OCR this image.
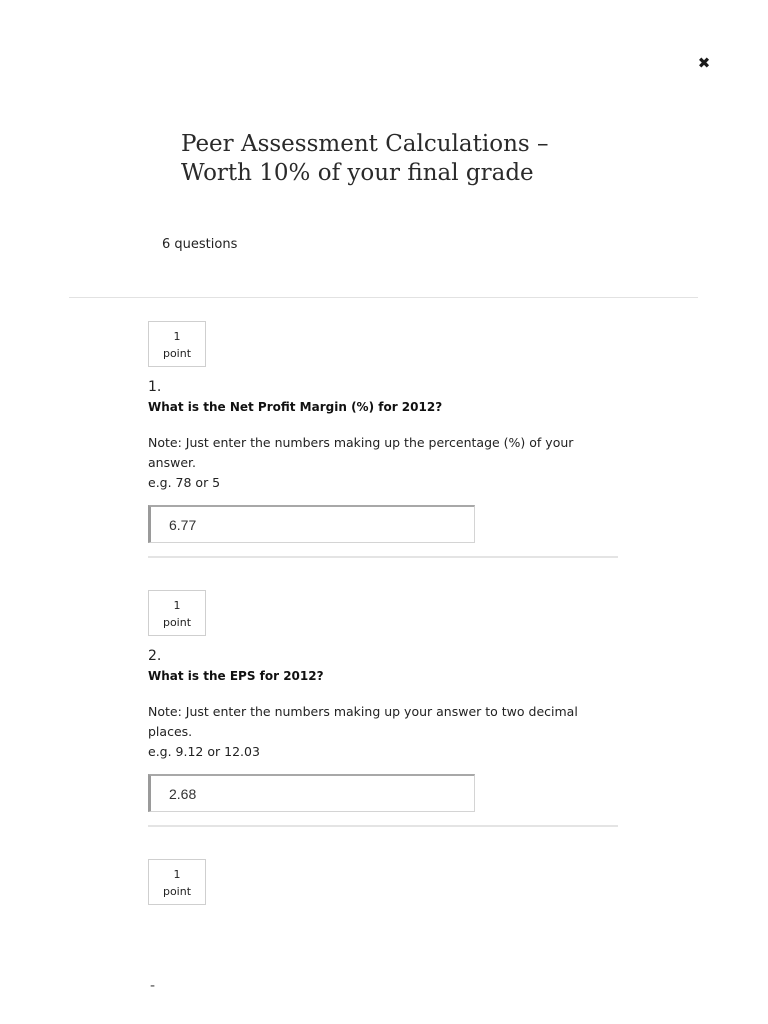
✖
Peer Assessment Calculations –
Worth 10% of your final grade
6 questions
1
point
1.
What is the Net Profit Margin (%) for 2012?
Note: Just enter the numbers making up the percentage (%) of your answer.
e.g. 78 or 5
6.77
1
point
2.
What is the EPS for 2012?
Note: Just enter the numbers making up your answer to two decimal places.
e.g. 9.12 or 12.03
2.68
1
point
-
